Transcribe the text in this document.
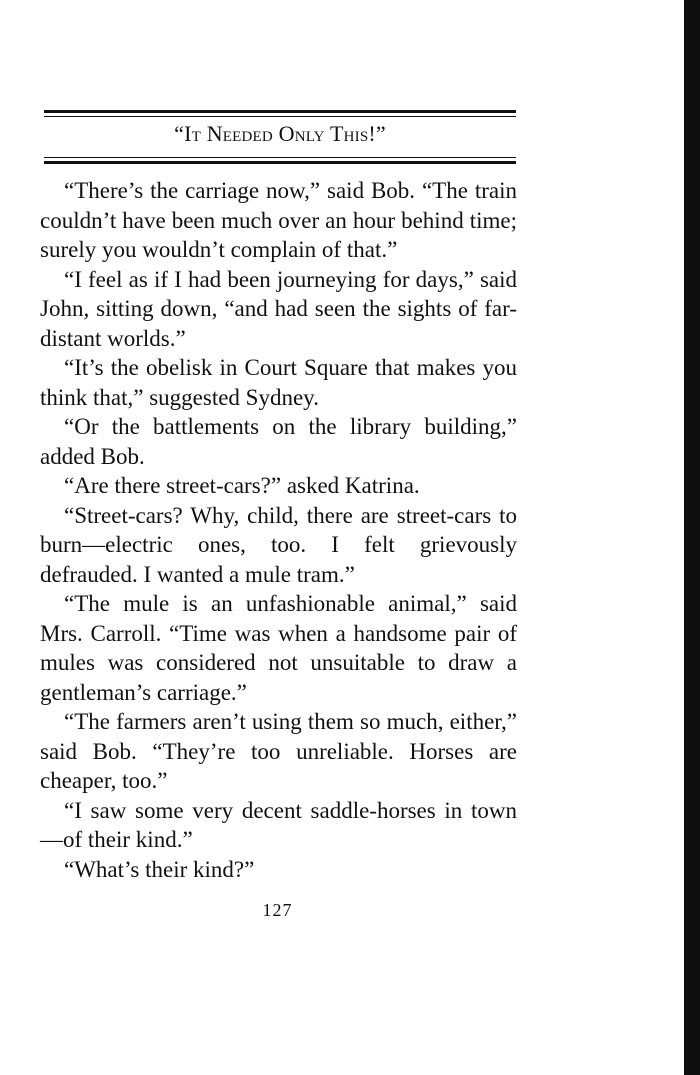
“It Needed Only This!”

“There’s the carriage now,” said Bob. “The train couldn’t have been much over an hour behind time; surely you wouldn’t complain of that.”

“I feel as if I had been journeying for days,” said John, sitting down, “and had seen the sights of far-distant worlds.”

“It’s the obelisk in Court Square that makes you think that,” suggested Sydney.

“Or the battlements on the library building,” added Bob.

“Are there street-cars?” asked Katrina.

“Street-cars? Why, child, there are street-cars to burn—electric ones, too. I felt grievously defrauded. I wanted a mule tram.”

“The mule is an unfashionable animal,” said Mrs. Carroll. “Time was when a handsome pair of mules was considered not unsuitable to draw a gentleman’s carriage.”

“The farmers aren’t using them so much, either,” said Bob. “They’re too unreliable. Horses are cheaper, too.”

“I saw some very decent saddle-horses in town —of their kind.”

“What’s their kind?”

127
